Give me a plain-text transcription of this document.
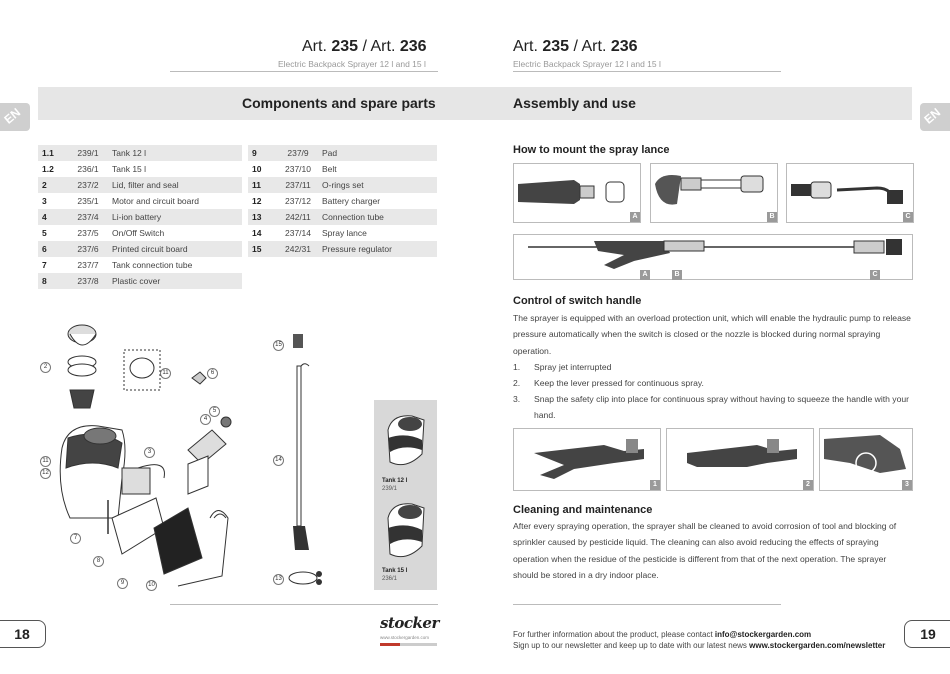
Art. 235 / Art. 236
Electric Backpack Sprayer 12 l and 15 l
Art. 235 / Art. 236
Electric Backpack Sprayer 12 l and 15 l
Components and spare parts	Assembly and use
EN	EN
1.1	239/1	Tank 12 l
1.2	236/1	Tank 15 l
2	237/2	Lid, filter and seal
3	235/1	Motor and circuit board
4	237/4	Li-ion battery
5	237/5	On/Off Switch
6	237/6	Printed circuit board
7	237/7	Tank connection tube
8	237/8	Plastic cover
9	237/9	Pad
10	237/10	Belt
11	237/11	O-rings set
12	237/12	Battery charger
13	242/11	Connection tube
14	237/14	Spray lance
15	242/31	Pressure regulator
2
11	6
5
4
3
11
12
7
8
9	10
15
14
13
Tank 12 l
239/1
Tank 15 l
236/1
How to mount the spray lance
A	B	C
A	B	C
Control of switch handle
The sprayer is equipped with an overload protection unit, which will enable the hydraulic pump to release pressure automatically when the switch is closed or the nozzle is blocked during normal spraying operation.
1. Spray jet interrupted
2. Keep the lever pressed for continuous spray.
3. Snap the safety clip into place for continuous spray without having to squeeze the handle with your hand.
1	2	3
Cleaning and maintenance
After every spraying operation, the sprayer shall be cleaned to avoid corrosion of tool and blocking of sprinkler caused by pesticide liquid. The cleaning can also avoid reducing the effects of spraying operation when the residue of the pesticide is different from that of the next operation. The sprayer should be stored in a dry indoor place.
18	19
stocker
www.stockergarden.com	For further information about the product, please contact info@stockergarden.com
Sign up to our newsletter and keep up to date with our latest news www.stockergarden.com/newsletter
